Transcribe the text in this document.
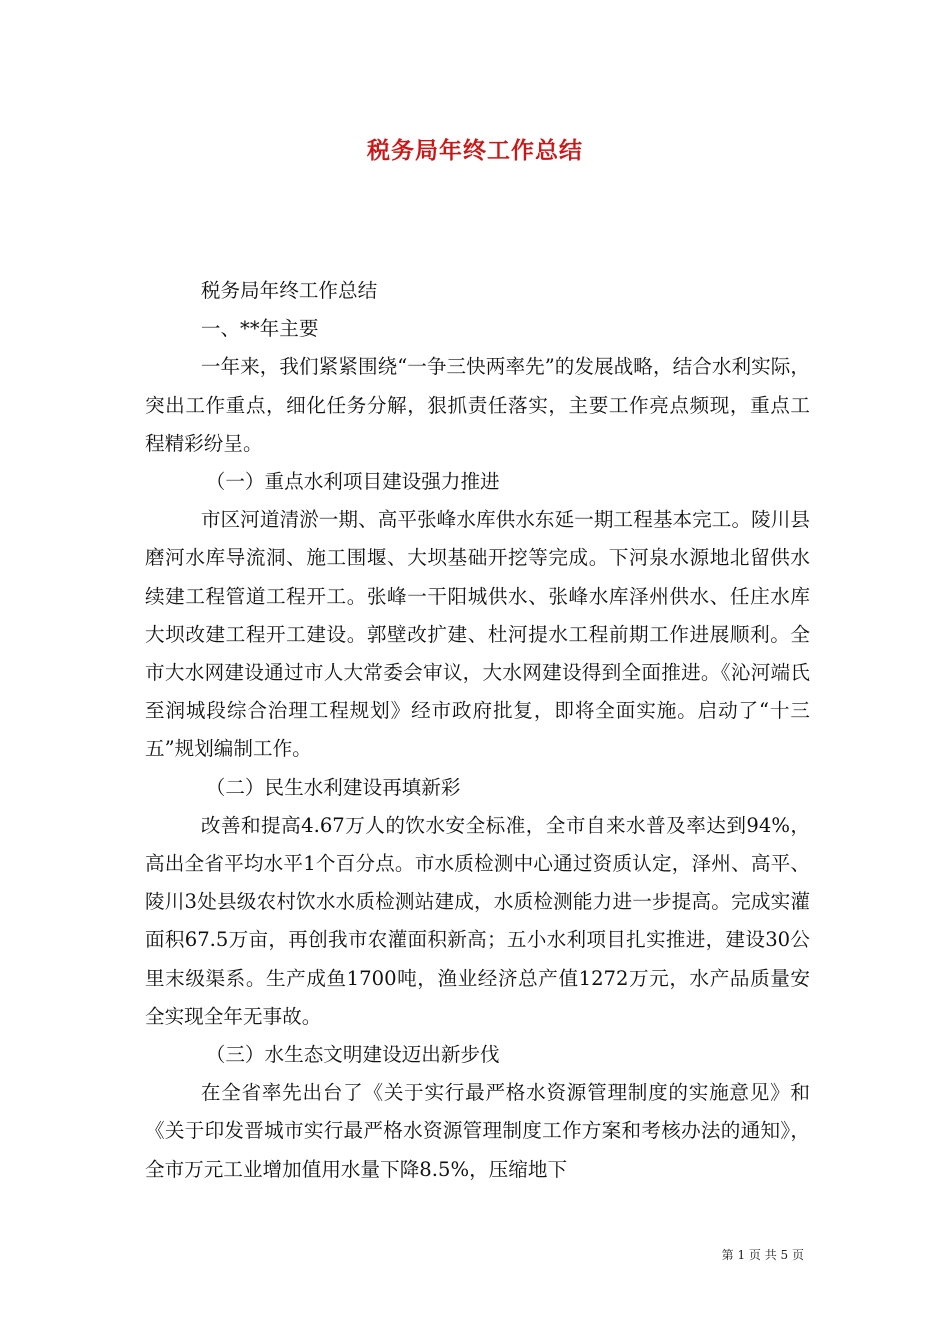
税务局年终工作总结

税务局年终工作总结

一、**年主要

一年来，我们紧紧围绕“一争三快两率先”的发展战略，结合水利实际，突出工作重点，细化任务分解，狠抓责任落实，主要工作亮点频现，重点工程精彩纷呈。

（一）重点水利项目建设强力推进

市区河道清淤一期、高平张峰水库供水东延一期工程基本完工。陵川县磨河水库导流洞、施工围堰、大坝基础开挖等完成。下河泉水源地北留供水续建工程管道工程开工。张峰一干阳城供水、张峰水库泽州供水、任庄水库大坝改建工程开工建设。郭壁改扩建、杜河提水工程前期工作进展顺利。全市大水网建设通过市人大常委会审议，大水网建设得到全面推进。《沁河端氏至润城段综合治理工程规划》经市政府批复，即将全面实施。启动了“十三五”规划编制工作。

（二）民生水利建设再填新彩

改善和提高4.67万人的饮水安全标准，全市自来水普及率达到94%，高出全省平均水平1个百分点。市水质检测中心通过资质认定，泽州、高平、陵川3处县级农村饮水水质检测站建成，水质检测能力进一步提高。完成实灌面积67.5万亩，再创我市农灌面积新高；五小水利项目扎实推进，建设30公里末级渠系。生产成鱼1700吨，渔业经济总产值1272万元，水产品质量安全实现全年无事故。

（三）水生态文明建设迈出新步伐

在全省率先出台了《关于实行最严格水资源管理制度的实施意见》和《关于印发晋城市实行最严格水资源管理制度工作方案和考核办法的通知》，全市万元工业增加值用水量下降8.5%，压缩地下

第 1 页 共 5 页
